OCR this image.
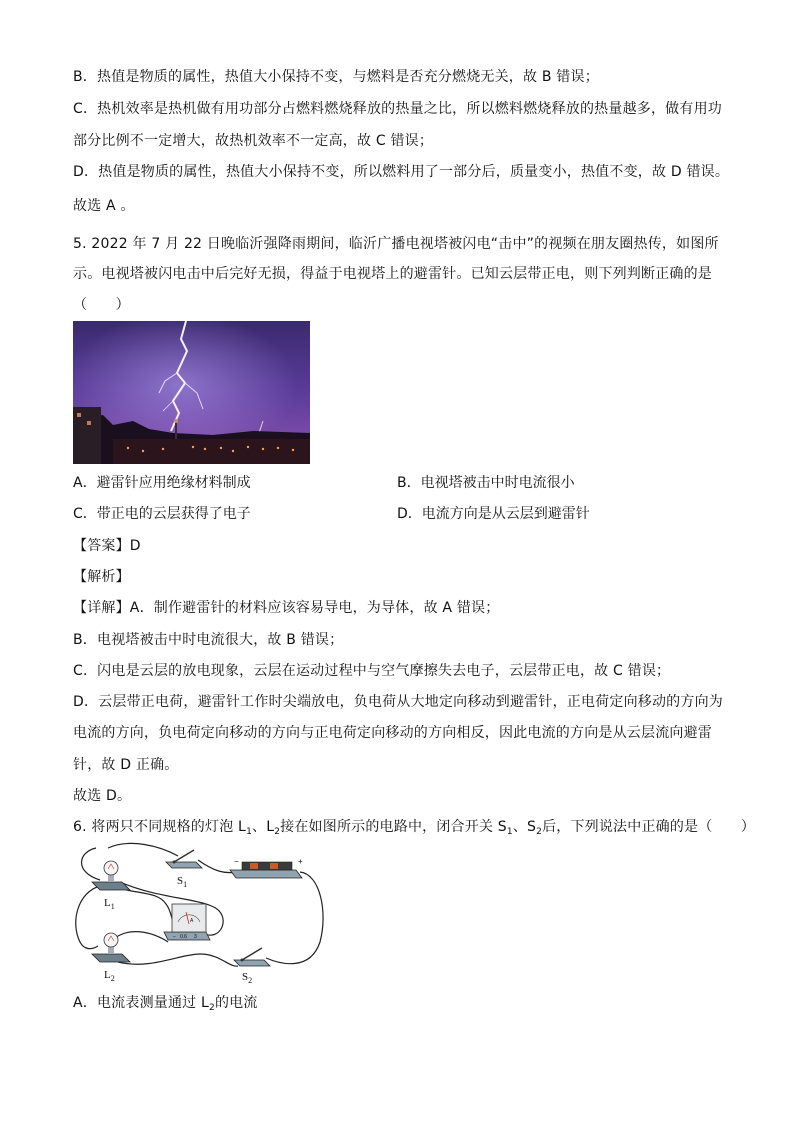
B．热值是物质的属性，热值大小保持不变，与燃料是否充分燃烧无关，故 B 错误；
C．热机效率是热机做有用功部分占燃料燃烧释放的热量之比，所以燃料燃烧释放的热量越多，做有用功
部分比例不一定增大，故热机效率不一定高，故 C 错误；
D．热值是物质的属性，热值大小保持不变，所以燃料用了一部分后，质量变小，热值不变，故 D 错误。
故选 A 。
5. 2022 年 7 月 22 日晚临沂强降雨期间，临沂广播电视塔被闪电“击中”的视频在朋友圈热传，如图所
示。电视塔被闪电击中后完好无损，得益于电视塔上的避雷针。已知云层带正电，则下列判断正确的是
（　　）
A．避雷针应用绝缘材料制成	B．电视塔被击中时电流很小
C．带正电的云层获得了电子	D．电流方向是从云层到避雷针
【答案】D
【解析】
【详解】A．制作避雷针的材料应该容易导电，为导体，故 A 错误；
B．电视塔被击中时电流很大，故 B 错误；
C．闪电是云层的放电现象，云层在运动过程中与空气摩擦失去电子，云层带正电，故 C 错误；
D．云层带正电荷，避雷针工作时尖端放电，负电荷从大地定向移动到避雷针，正电荷定向移动的方向为
电流的方向，负电荷定向移动的方向与正电荷定向移动的方向相反，因此电流的方向是从云层流向避雷
针，故 D 正确。
故选 D。
6. 将两只不同规格的灯泡 $L_1$、$L_2$接在如图所示的电路中，闭合开关 $S_1$、$S_2$后，下列说法中正确的是（　　）
$L_1$
$L_2$
$S_1$
−	+
A
− 0.6 3
$S_2$
A．电流表测量通过 $L_2$的电流
